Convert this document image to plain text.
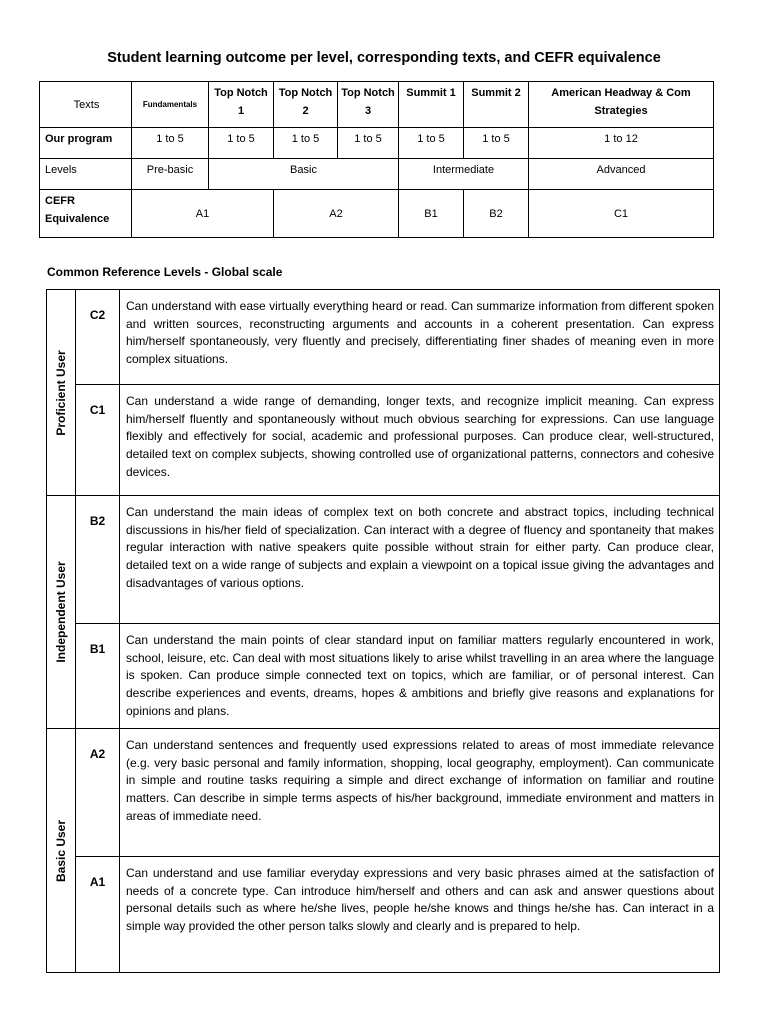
Student learning outcome per level, corresponding texts, and CEFR equivalence
Texts	Fundamentals	Top Notch 1	Top Notch 2	Top Notch 3	Summit 1	Summit 2	American Headway & Com Strategies
Our program	1 to 5	1 to 5	1 to 5	1 to 5	1 to 5	1 to 5	1 to 12
Levels	Pre-basic	Basic			Intermediate		Advanced
CEFR Equivalence	A1		A2		B1	B2	C1
Common Reference Levels - Global scale
Proficient User	C2	Can understand with ease virtually everything heard or read. Can summarize information from different spoken and written sources, reconstructing arguments and accounts in a coherent presentation. Can express him/herself spontaneously, very fluently and precisely, differentiating finer shades of meaning even in more complex situations.
	C1	Can understand a wide range of demanding, longer texts, and recognize implicit meaning. Can express him/herself fluently and spontaneously without much obvious searching for expressions. Can use language flexibly and effectively for social, academic and professional purposes. Can produce clear, well-structured, detailed text on complex subjects, showing controlled use of organizational patterns, connectors and cohesive devices.

Independent User	B2	Can understand the main ideas of complex text on both concrete and abstract topics, including technical discussions in his/her field of specialization. Can interact with a degree of fluency and spontaneity that makes regular interaction with native speakers quite possible without strain for either party. Can produce clear, detailed text on a wide range of subjects and explain a viewpoint on a topical issue giving the advantages and disadvantages of various options.
	B1	Can understand the main points of clear standard input on familiar matters regularly encountered in work, school, leisure, etc. Can deal with most situations likely to arise whilst travelling in an area where the language is spoken. Can produce simple connected text on topics, which are familiar, or of personal interest. Can describe experiences and events, dreams, hopes & ambitions and briefly give reasons and explanations for opinions and plans.

Basic User	A2	Can understand sentences and frequently used expressions related to areas of most immediate relevance (e.g. very basic personal and family information, shopping, local geography, employment). Can communicate in simple and routine tasks requiring a simple and direct exchange of information on familiar and routine matters. Can describe in simple terms aspects of his/her background, immediate environment and matters in areas of immediate need.
	A1	Can understand and use familiar everyday expressions and very basic phrases aimed at the satisfaction of needs of a concrete type. Can introduce him/herself and others and can ask and answer questions about personal details such as where he/she lives, people he/she knows and things he/she has. Can interact in a simple way provided the other person talks slowly and clearly and is prepared to help.
